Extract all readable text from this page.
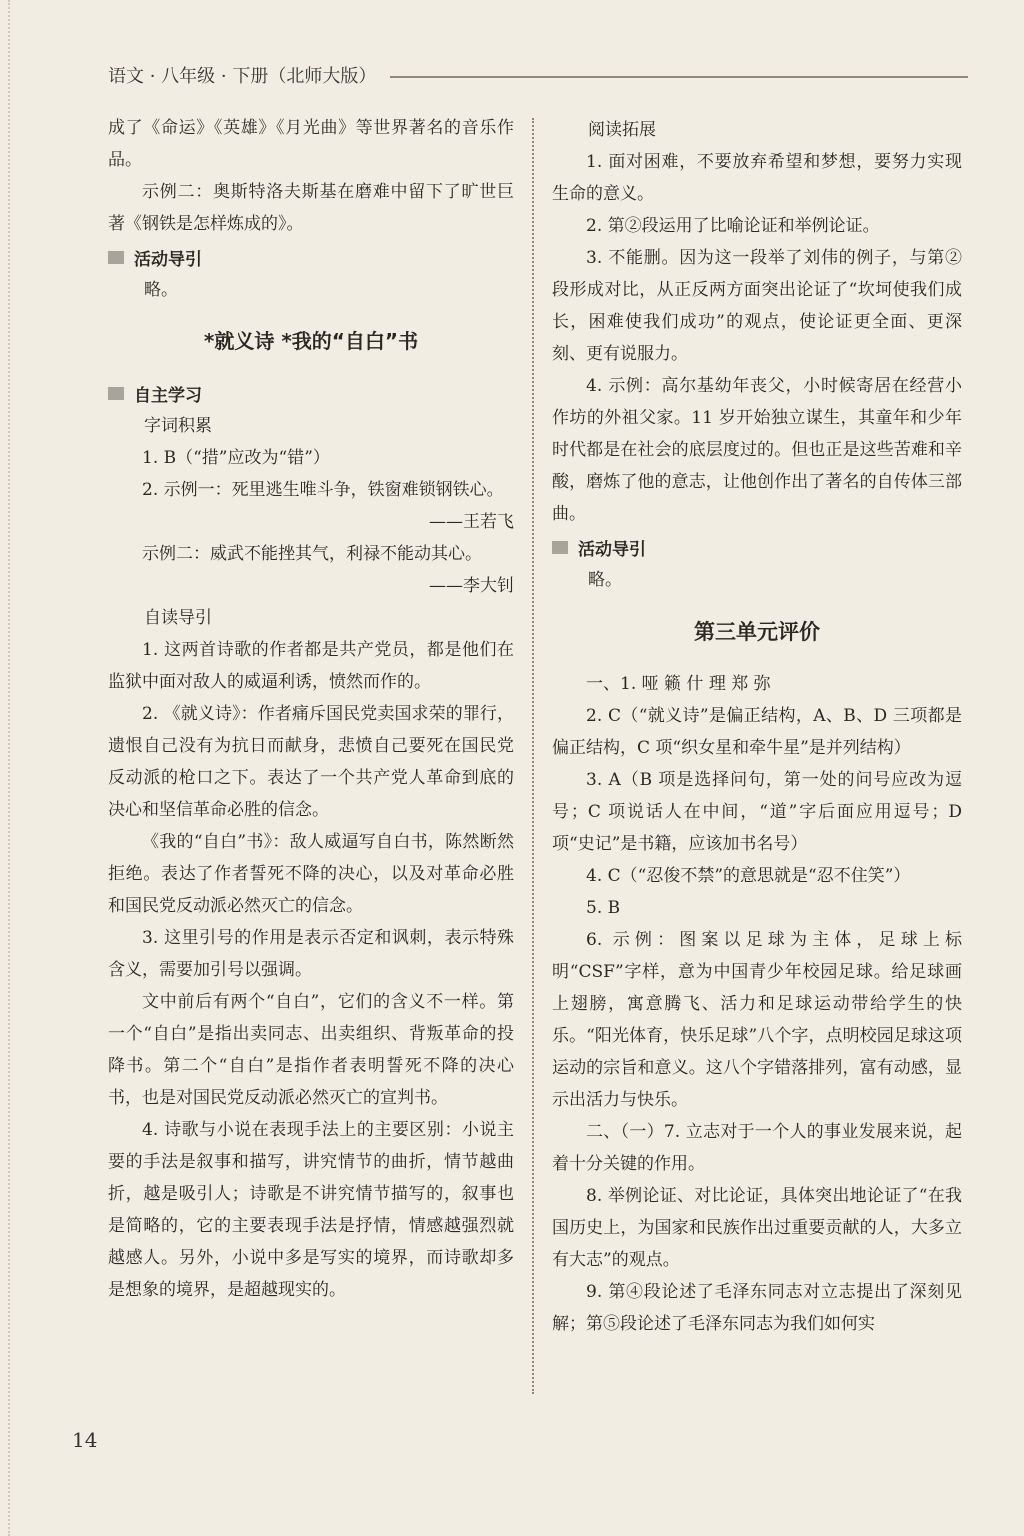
语文 · 八年级 · 下册（北师大版）

成了《命运》《英雄》《月光曲》等世界著名的音乐作品。

示例二：奥斯特洛夫斯基在磨难中留下了旷世巨著《钢铁是怎样炼成的》。

活动导引

略。

*就义诗 *我的“自白”书
自主学习

字词积累

1. B（“措”应改为“错”）

2. 示例一：死里逃生唯斗争，铁窗难锁钢铁心。

——王若飞

示例二：威武不能挫其气，利禄不能动其心。

——李大钊

自读导引

1. 这两首诗歌的作者都是共产党员，都是他们在监狱中面对敌人的威逼利诱，愤然而作的。

2. 《就义诗》：作者痛斥国民党卖国求荣的罪行，遗恨自己没有为抗日而献身，悲愤自己要死在国民党反动派的枪口之下。表达了一个共产党人革命到底的决心和坚信革命必胜的信念。

《我的“自白”书》：敌人威逼写自白书，陈然断然拒绝。表达了作者誓死不降的决心，以及对革命必胜和国民党反动派必然灭亡的信念。

3. 这里引号的作用是表示否定和讽刺，表示特殊含义，需要加引号以强调。

文中前后有两个“自白”，它们的含义不一样。第一个“自白”是指出卖同志、出卖组织、背叛革命的投降书。第二个“自白”是指作者表明誓死不降的决心书，也是对国民党反动派必然灭亡的宣判书。

4. 诗歌与小说在表现手法上的主要区别：小说主要的手法是叙事和描写，讲究情节的曲折，情节越曲折，越是吸引人；诗歌是不讲究情节描写的，叙事也是简略的，它的主要表现手法是抒情，情感越强烈就越感人。另外，小说中多是写实的境界，而诗歌却多是想象的境界，是超越现实的。

阅读拓展

1. 面对困难，不要放弃希望和梦想，要努力实现生命的意义。

2. 第②段运用了比喻论证和举例论证。

3. 不能删。因为这一段举了刘伟的例子，与第②段形成对比，从正反两方面突出论证了“坎坷使我们成长，困难使我们成功”的观点，使论证更全面、更深刻、更有说服力。

4. 示例：高尔基幼年丧父，小时候寄居在经营小作坊的外祖父家。11 岁开始独立谋生，其童年和少年时代都是在社会的底层度过的。但也正是这些苦难和辛酸，磨炼了他的意志，让他创作出了著名的自传体三部曲。

活动导引

略。

第三单元评价

一、1. 哑 籁 什 理 郑 弥

2. C（“就义诗”是偏正结构，A、B、D 三项都是偏正结构，C 项“织女星和牵牛星”是并列结构）

3. A（B 项是选择问句，第一处的问号应改为逗号；C 项说话人在中间，“道”字后面应用逗号；D 项“史记”是书籍，应该加书名号）

4. C（“忍俊不禁”的意思就是“忍不住笑”）

5. B

6. 示例：图案以足球为主体，足球上标明“CSF”字样，意为中国青少年校园足球。给足球画上翅膀，寓意腾飞、活力和足球运动带给学生的快乐。“阳光体育，快乐足球”八个字，点明校园足球这项运动的宗旨和意义。这八个字错落排列，富有动感，显示出活力与快乐。

二、（一）7. 立志对于一个人的事业发展来说，起着十分关键的作用。

8. 举例论证、对比论证，具体突出地论证了“在我国历史上，为国家和民族作出过重要贡献的人，大多立有大志”的观点。

9. 第④段论述了毛泽东同志对立志提出了深刻见解；第⑤段论述了毛泽东同志为我们如何实

14
